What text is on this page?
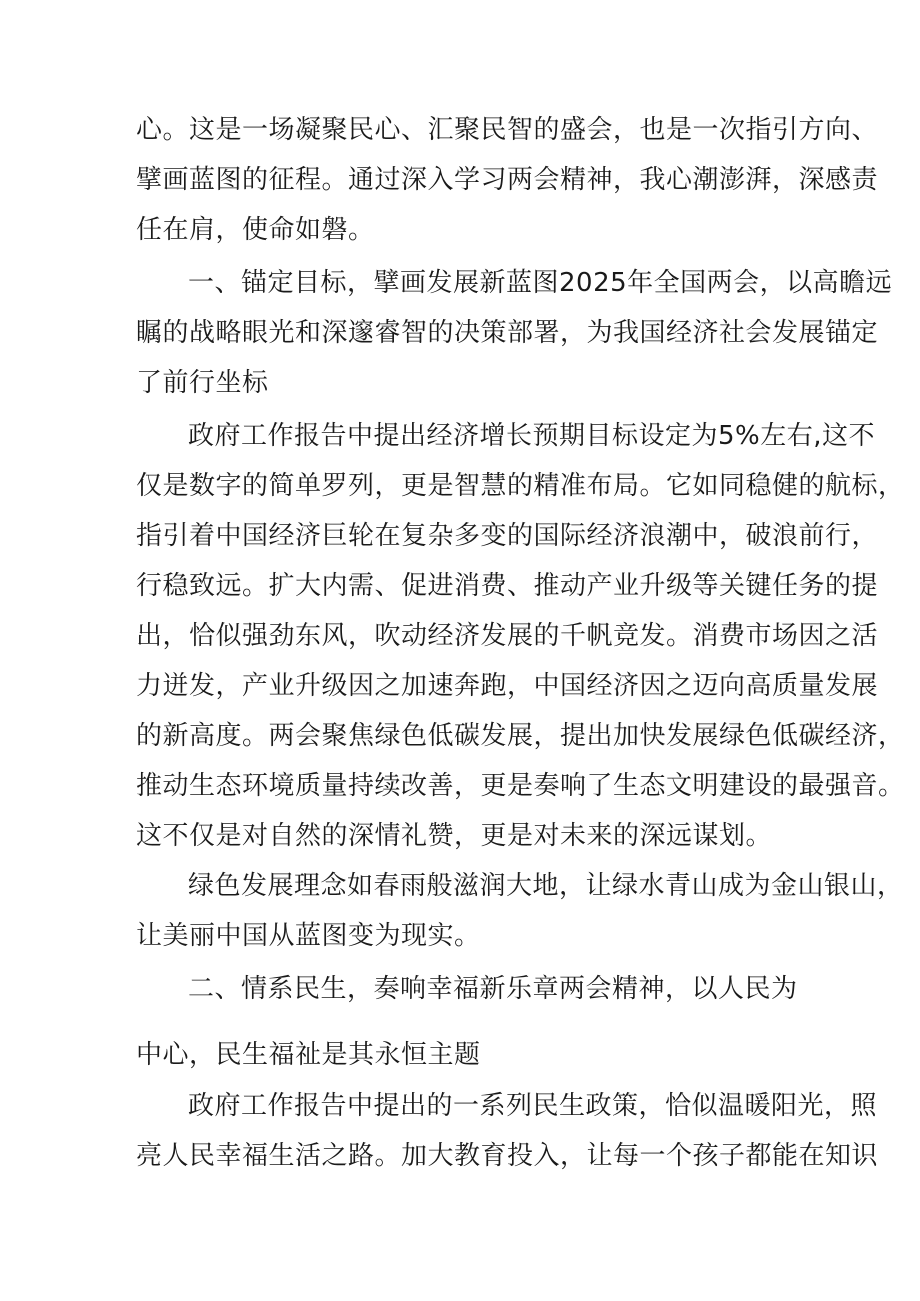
心。这是一场凝聚民心、汇聚民智的盛会，也是一次指引方向、
擘画蓝图的征程。通过深入学习两会精神，我心潮澎湃，深感责
任在肩，使命如磐。
一、锚定目标，擘画发展新蓝图2025年全国两会，以高瞻远
瞩的战略眼光和深邃睿智的决策部署，为我国经济社会发展锚定
了前行坐标
政府工作报告中提出经济增长预期目标设定为5%左右,这不
仅是数字的简单罗列，更是智慧的精准布局。它如同稳健的航标，
指引着中国经济巨轮在复杂多变的国际经济浪潮中，破浪前行，
行稳致远。扩大内需、促进消费、推动产业升级等关键任务的提
出，恰似强劲东风，吹动经济发展的千帆竞发。消费市场因之活
力迸发，产业升级因之加速奔跑，中国经济因之迈向高质量发展
的新高度。两会聚焦绿色低碳发展，提出加快发展绿色低碳经济，
推动生态环境质量持续改善，更是奏响了生态文明建设的最强音。
这不仅是对自然的深情礼赞，更是对未来的深远谋划。
绿色发展理念如春雨般滋润大地，让绿水青山成为金山银山，
让美丽中国从蓝图变为现实。
二、情系民生，奏响幸福新乐章两会精神，以人民为
中心，民生福祉是其永恒主题
政府工作报告中提出的一系列民生政策，恰似温暖阳光，照
亮人民幸福生活之路。加大教育投入，让每一个孩子都能在知识
